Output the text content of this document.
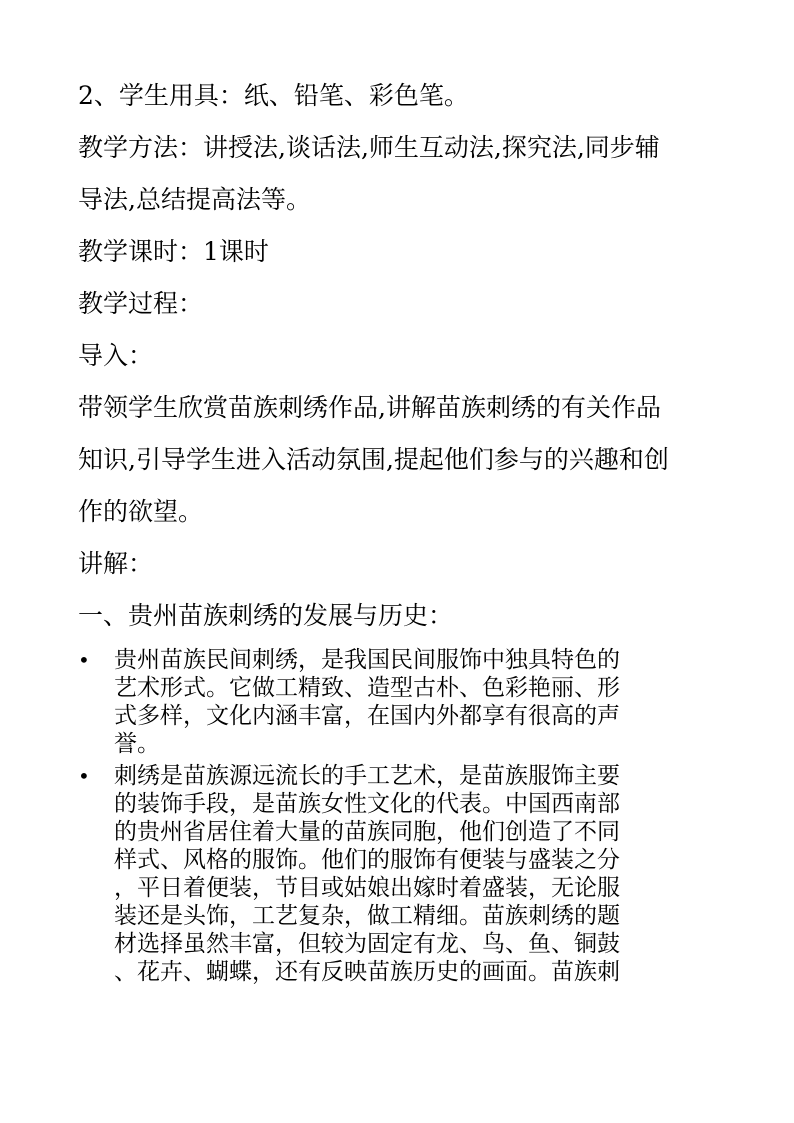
2、学生用具：纸、铅笔、彩色笔。

教学方法：讲授法,谈话法,师生互动法,探究法,同步辅

导法,总结提高法等。

教学课时：1课时

教学过程：

导入：

带领学生欣赏苗族刺绣作品,讲解苗族刺绣的有关作品

知识,引导学生进入活动氛围,提起他们参与的兴趣和创

作的欲望。

讲解：

一、贵州苗族刺绣的发展与历史：

•	贵州苗族民间刺绣，是我国民间服饰中独具特色的
艺术形式。它做工精致、造型古朴、色彩艳丽、形
式多样，文化内涵丰富，在国内外都享有很高的声
誉。
•	刺绣是苗族源远流长的手工艺术，是苗族服饰主要
的装饰手段，是苗族女性文化的代表。中国西南部
的贵州省居住着大量的苗族同胞，他们创造了不同
样式、风格的服饰。他们的服饰有便装与盛装之分
，平日着便装，节目或姑娘出嫁时着盛装，无论服
装还是头饰，工艺复杂，做工精细。苗族刺绣的题
材选择虽然丰富，但较为固定有龙、鸟、鱼、铜鼓
、花卉、蝴蝶，还有反映苗族历史的画面。苗族刺
